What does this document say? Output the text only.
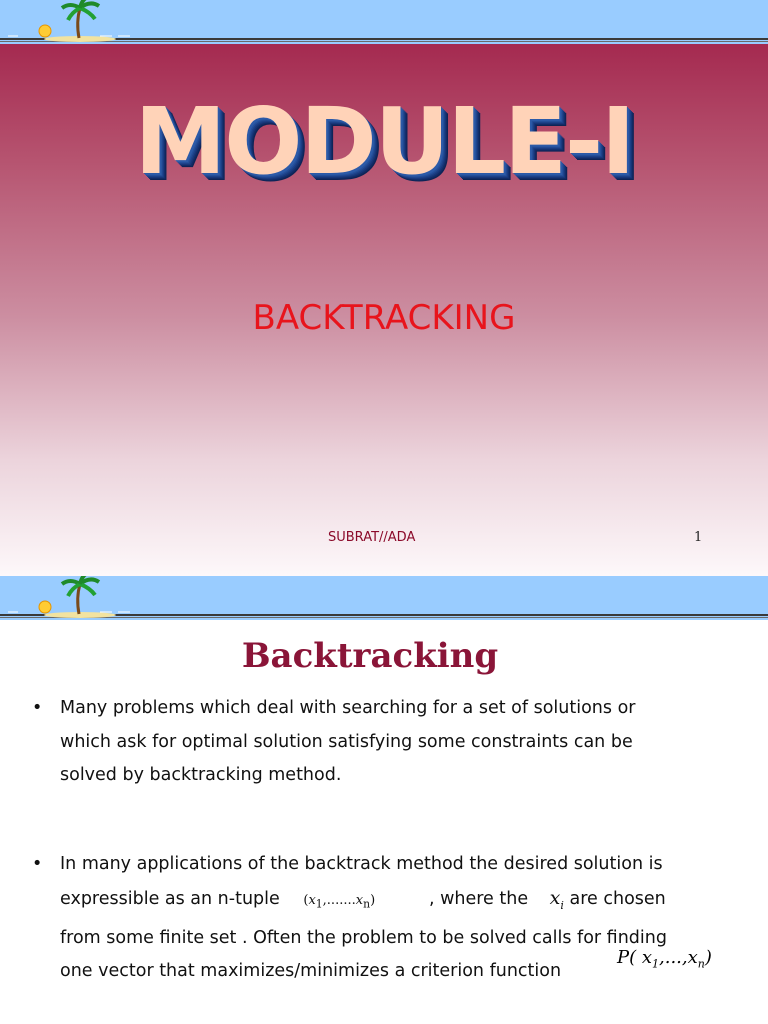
MODULE-I
BACKTRACKING
SUBRAT//ADA	1
Backtracking
• Many problems which deal with searching for a set of solutions or
which ask for optimal solution satisfying some constraints can be
solved by backtracking method.
• In many applications of the backtrack method the desired solution is
expressible as an n-tuple $(x_1,.......x_n)$	, where the $x_i$ are chosen
from some finite set . Often the problem to be solved calls for finding
one vector that maximizes/minimizes a criterion function
P( $x_1,...,x_n$)
